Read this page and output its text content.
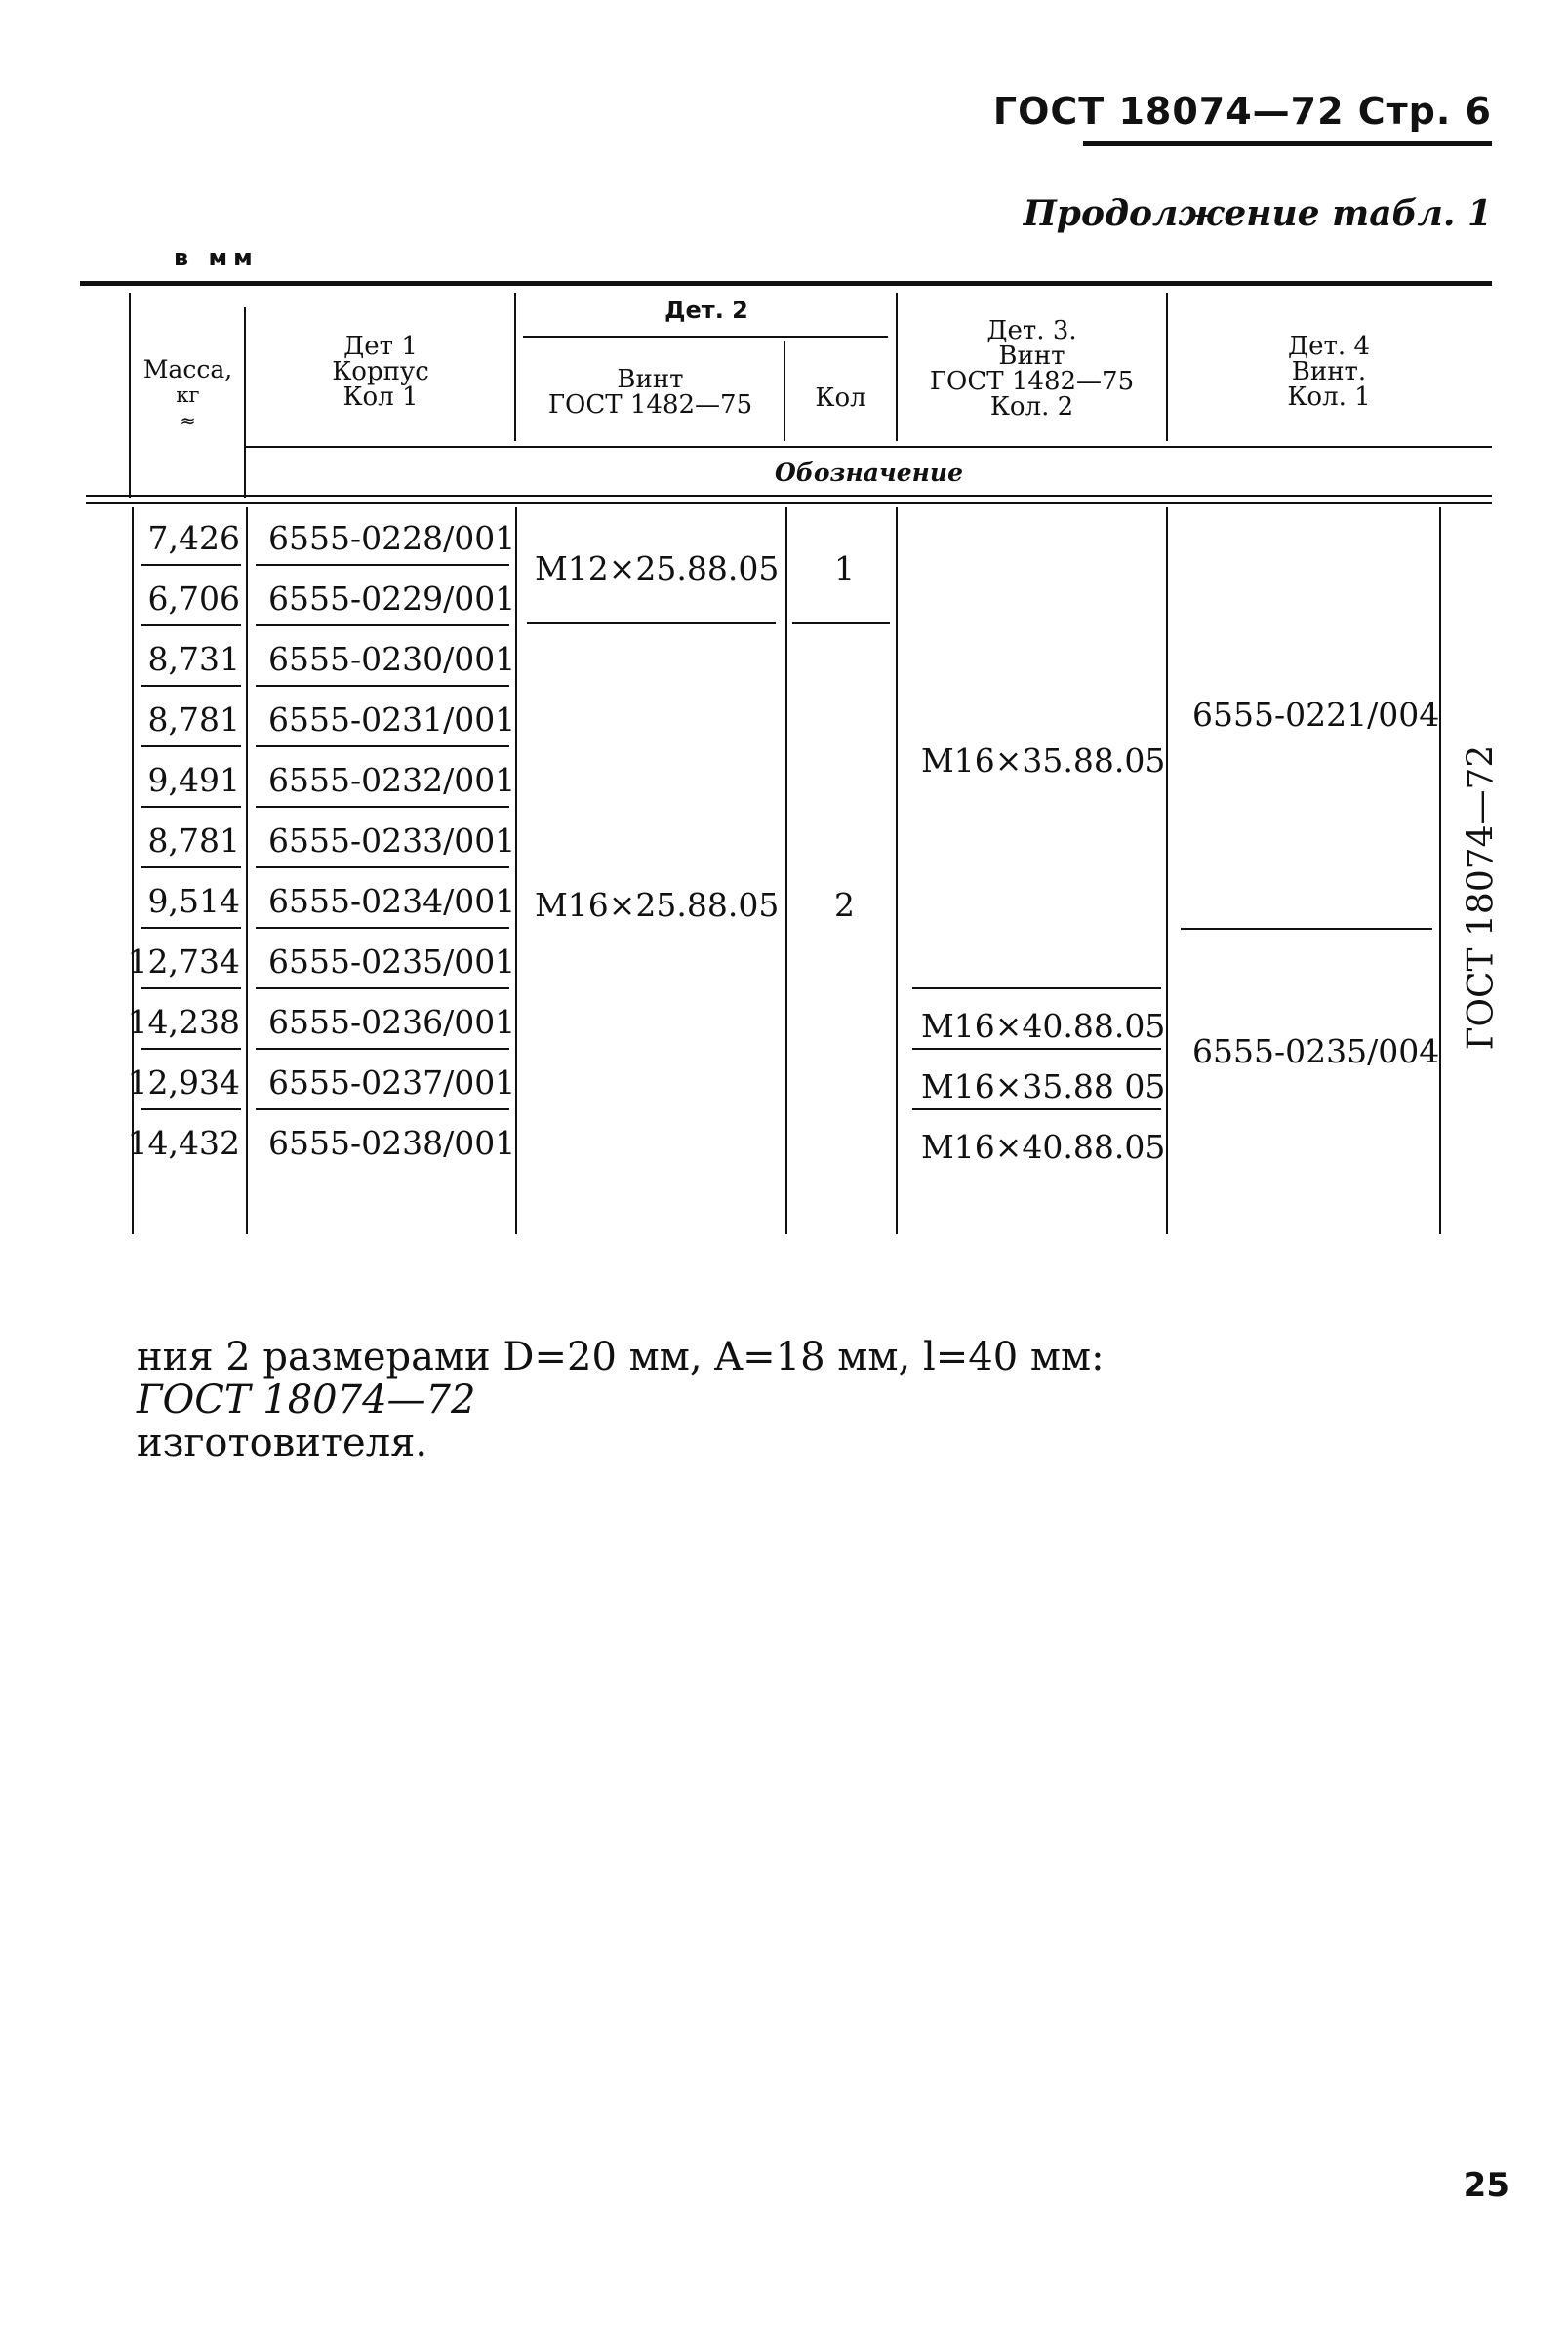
ГОСТ 18074—72 Стр. 6
Продолжение табл. 1
в мм
Масса,
кг
≈
Дет 1
Корпус
Кол 1
Дет. 2
Винт
ГОСТ 1482—75	Кол
Дет. 3.
Винт
ГОСТ 1482—75
Кол. 2
Дет. 4
Винт.
Кол. 1
Обозначение
7,426 6555-0228/001
6,706 6555-0229/001
8,731 6555-0230/001
8,781 6555-0231/001
9,491 6555-0232/001
8,781 6555-0233/001
9,514 6555-0234/001
12,734 6555-0235/001
14,238 6555-0236/001
12,934 6555-0237/001
14,432 6555-0238/001
M12×25.88.05 1
M16×25.88.05 2
M16×35.88.05
M16×40.88.05
M16×35.88 05
M16×40.88.05
6555-0221/004
6555-0235/004
ГОСТ 18074—72
ния 2 размерами D=20 мм, A=18 мм, l=40 мм:
ГОСТ 18074—72
изготовителя.
25
